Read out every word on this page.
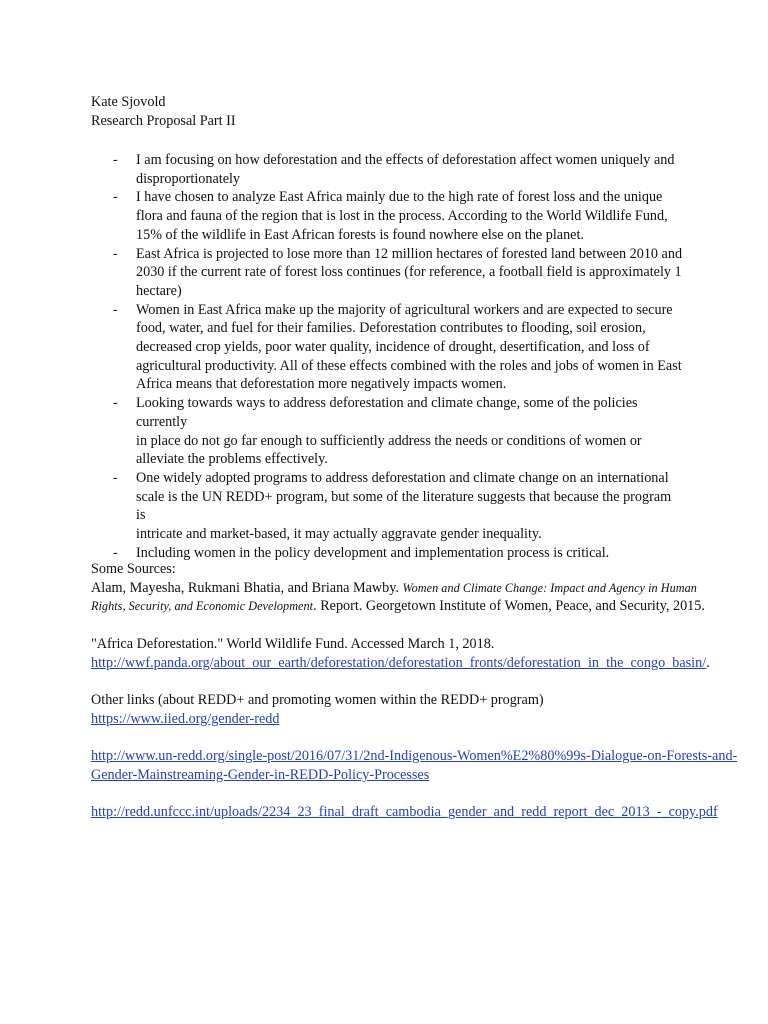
Kate Sjovold
Research Proposal Part II
- I am focusing on how deforestation and the effects of deforestation affect women uniquely and
disproportionately
- I have chosen to analyze East Africa mainly due to the high rate of forest loss and the unique
flora and fauna of the region that is lost in the process. According to the World Wildlife Fund,
15% of the wildlife in East African forests is found nowhere else on the planet.
- East Africa is projected to lose more than 12 million hectares of forested land between 2010 and
2030 if the current rate of forest loss continues (for reference, a football field is approximately 1
hectare)
- Women in East Africa make up the majority of agricultural workers and are expected to secure
food, water, and fuel for their families. Deforestation contributes to flooding, soil erosion,
decreased crop yields, poor water quality, incidence of drought, desertification, and loss of
agricultural productivity. All of these effects combined with the roles and jobs of women in East
Africa means that deforestation more negatively impacts women.
- Looking towards ways to address deforestation and climate change, some of the policies currently
in place do not go far enough to sufficiently address the needs or conditions of women or
alleviate the problems effectively.
- One widely adopted programs to address deforestation and climate change on an international
scale is the UN REDD+ program, but some of the literature suggests that because the program is
intricate and market-based, it may actually aggravate gender inequality.
- Including women in the policy development and implementation process is critical.
Some Sources:
Alam, Mayesha, Rukmani Bhatia, and Briana Mawby. Women and Climate Change: Impact and Agency in Human
Rights, Security, and Economic Development. Report. Georgetown Institute of Women, Peace, and Security, 2015.
"Africa Deforestation." World Wildlife Fund. Accessed March 1, 2018.
http://wwf.panda.org/about_our_earth/deforestation/deforestation_fronts/deforestation_in_the_congo_basin/.
Other links (about REDD+ and promoting women within the REDD+ program)
https://www.iied.org/gender-redd
http://www.un-redd.org/single-post/2016/07/31/2nd-Indigenous-Women%E2%80%99s-Dialogue-on-Forests-and-
Gender-Mainstreaming-Gender-in-REDD-Policy-Processes
http://redd.unfccc.int/uploads/2234_23_final_draft_cambodia_gender_and_redd_report_dec_2013_-_copy.pdf
